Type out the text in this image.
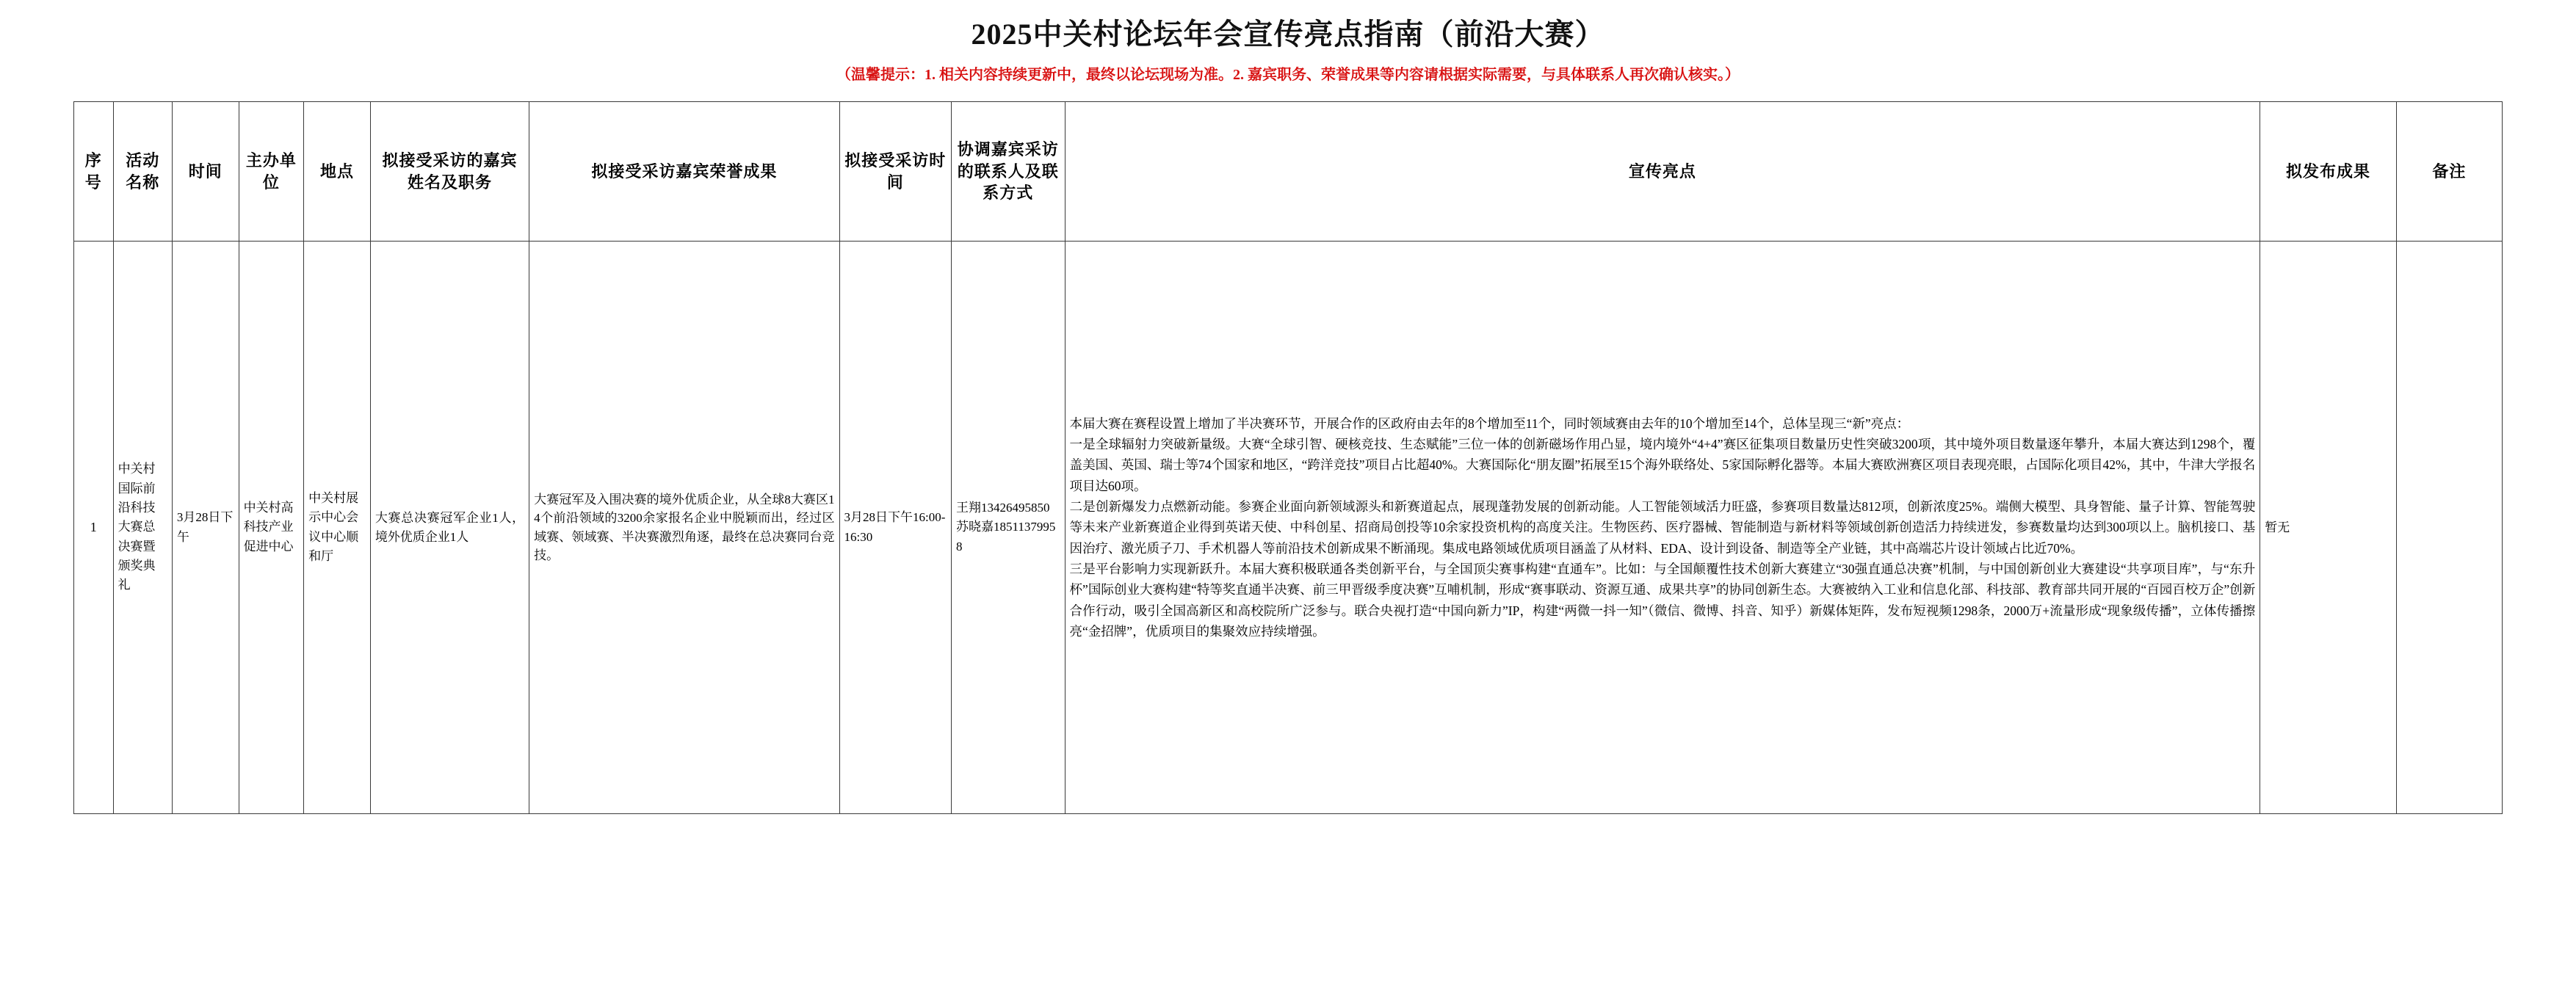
2025中关村论坛年会宣传亮点指南（前沿大赛）
（温馨提示：1. 相关内容持续更新中，最终以论坛现场为准。2. 嘉宾职务、荣誉成果等内容请根据实际需要，与具体联系人再次确认核实。）
序号	活动名称	时间	主办单位	地点	拟接受采访的嘉宾姓名及职务	拟接受采访嘉宾荣誉成果	拟接受采访时间	协调嘉宾采访的联系人及联系方式	宣传亮点	拟发布成果	备注
1	中关村国际前沿科技大赛总决赛暨颁奖典礼	3月28日下午	中关村高科技产业促进中心	中关村展示中心会议中心顺和厅	大赛总决赛冠军企业1人，境外优质企业1人	大赛冠军及入围决赛的境外优质企业，从全球8大赛区14个前沿领域的3200余家报名企业中脱颖而出，经过区域赛、领域赛、半决赛激烈角逐，最终在总决赛同台竞技。	3月28日下午16:00-16:30	王翔13426495850苏晓嘉18511379958	本届大赛在赛程设置上增加了半决赛环节，开展合作的区政府由去年的8个增加至11个，同时领域赛由去年的10个增加至14个，总体呈现三“新”亮点：

一是全球辐射力突破新量级。大赛“全球引智、硬核竞技、生态赋能”三位一体的创新磁场作用凸显，境内境外“4+4”赛区征集项目数量历史性突破3200项，其中境外项目数量逐年攀升，本届大赛达到1298个，覆盖美国、英国、瑞士等74个国家和地区，“跨洋竞技”项目占比超40%。大赛国际化“朋友圈”拓展至15个海外联络处、5家国际孵化器等。本届大赛欧洲赛区项目表现亮眼，占国际化项目42%，其中，牛津大学报名项目达60项。

二是创新爆发力点燃新动能。参赛企业面向新领域源头和新赛道起点，展现蓬勃发展的创新动能。人工智能领域活力旺盛，参赛项目数量达812项，创新浓度25%。端侧大模型、具身智能、量子计算、智能驾驶等未来产业新赛道企业得到英诺天使、中科创星、招商局创投等10余家投资机构的高度关注。生物医药、医疗器械、智能制造与新材料等领域创新创造活力持续迸发，参赛数量均达到300项以上。脑机接口、基因治疗、激光质子刀、手术机器人等前沿技术创新成果不断涌现。集成电路领域优质项目涵盖了从材料、EDA、设计到设备、制造等全产业链，其中高端芯片设计领域占比近70%。

三是平台影响力实现新跃升。本届大赛积极联通各类创新平台，与全国顶尖赛事构建“直通车”。比如：与全国颠覆性技术创新大赛建立“30强直通总决赛”机制，与中国创新创业大赛建设“共享项目库”，与“东升杯”国际创业大赛构建“特等奖直通半决赛、前三甲晋级季度决赛”互哺机制，形成“赛事联动、资源互通、成果共享”的协同创新生态。大赛被纳入工业和信息化部、科技部、教育部共同开展的“百园百校万企”创新合作行动，吸引全国高新区和高校院所广泛参与。联合央视打造“中国向新力”IP，构建“两微一抖一知”（微信、微博、抖音、知乎）新媒体矩阵，发布短视频1298条，2000万+流量形成“现象级传播”，立体传播擦亮“金招牌”，优质项目的集聚效应持续增强。	暂无	
